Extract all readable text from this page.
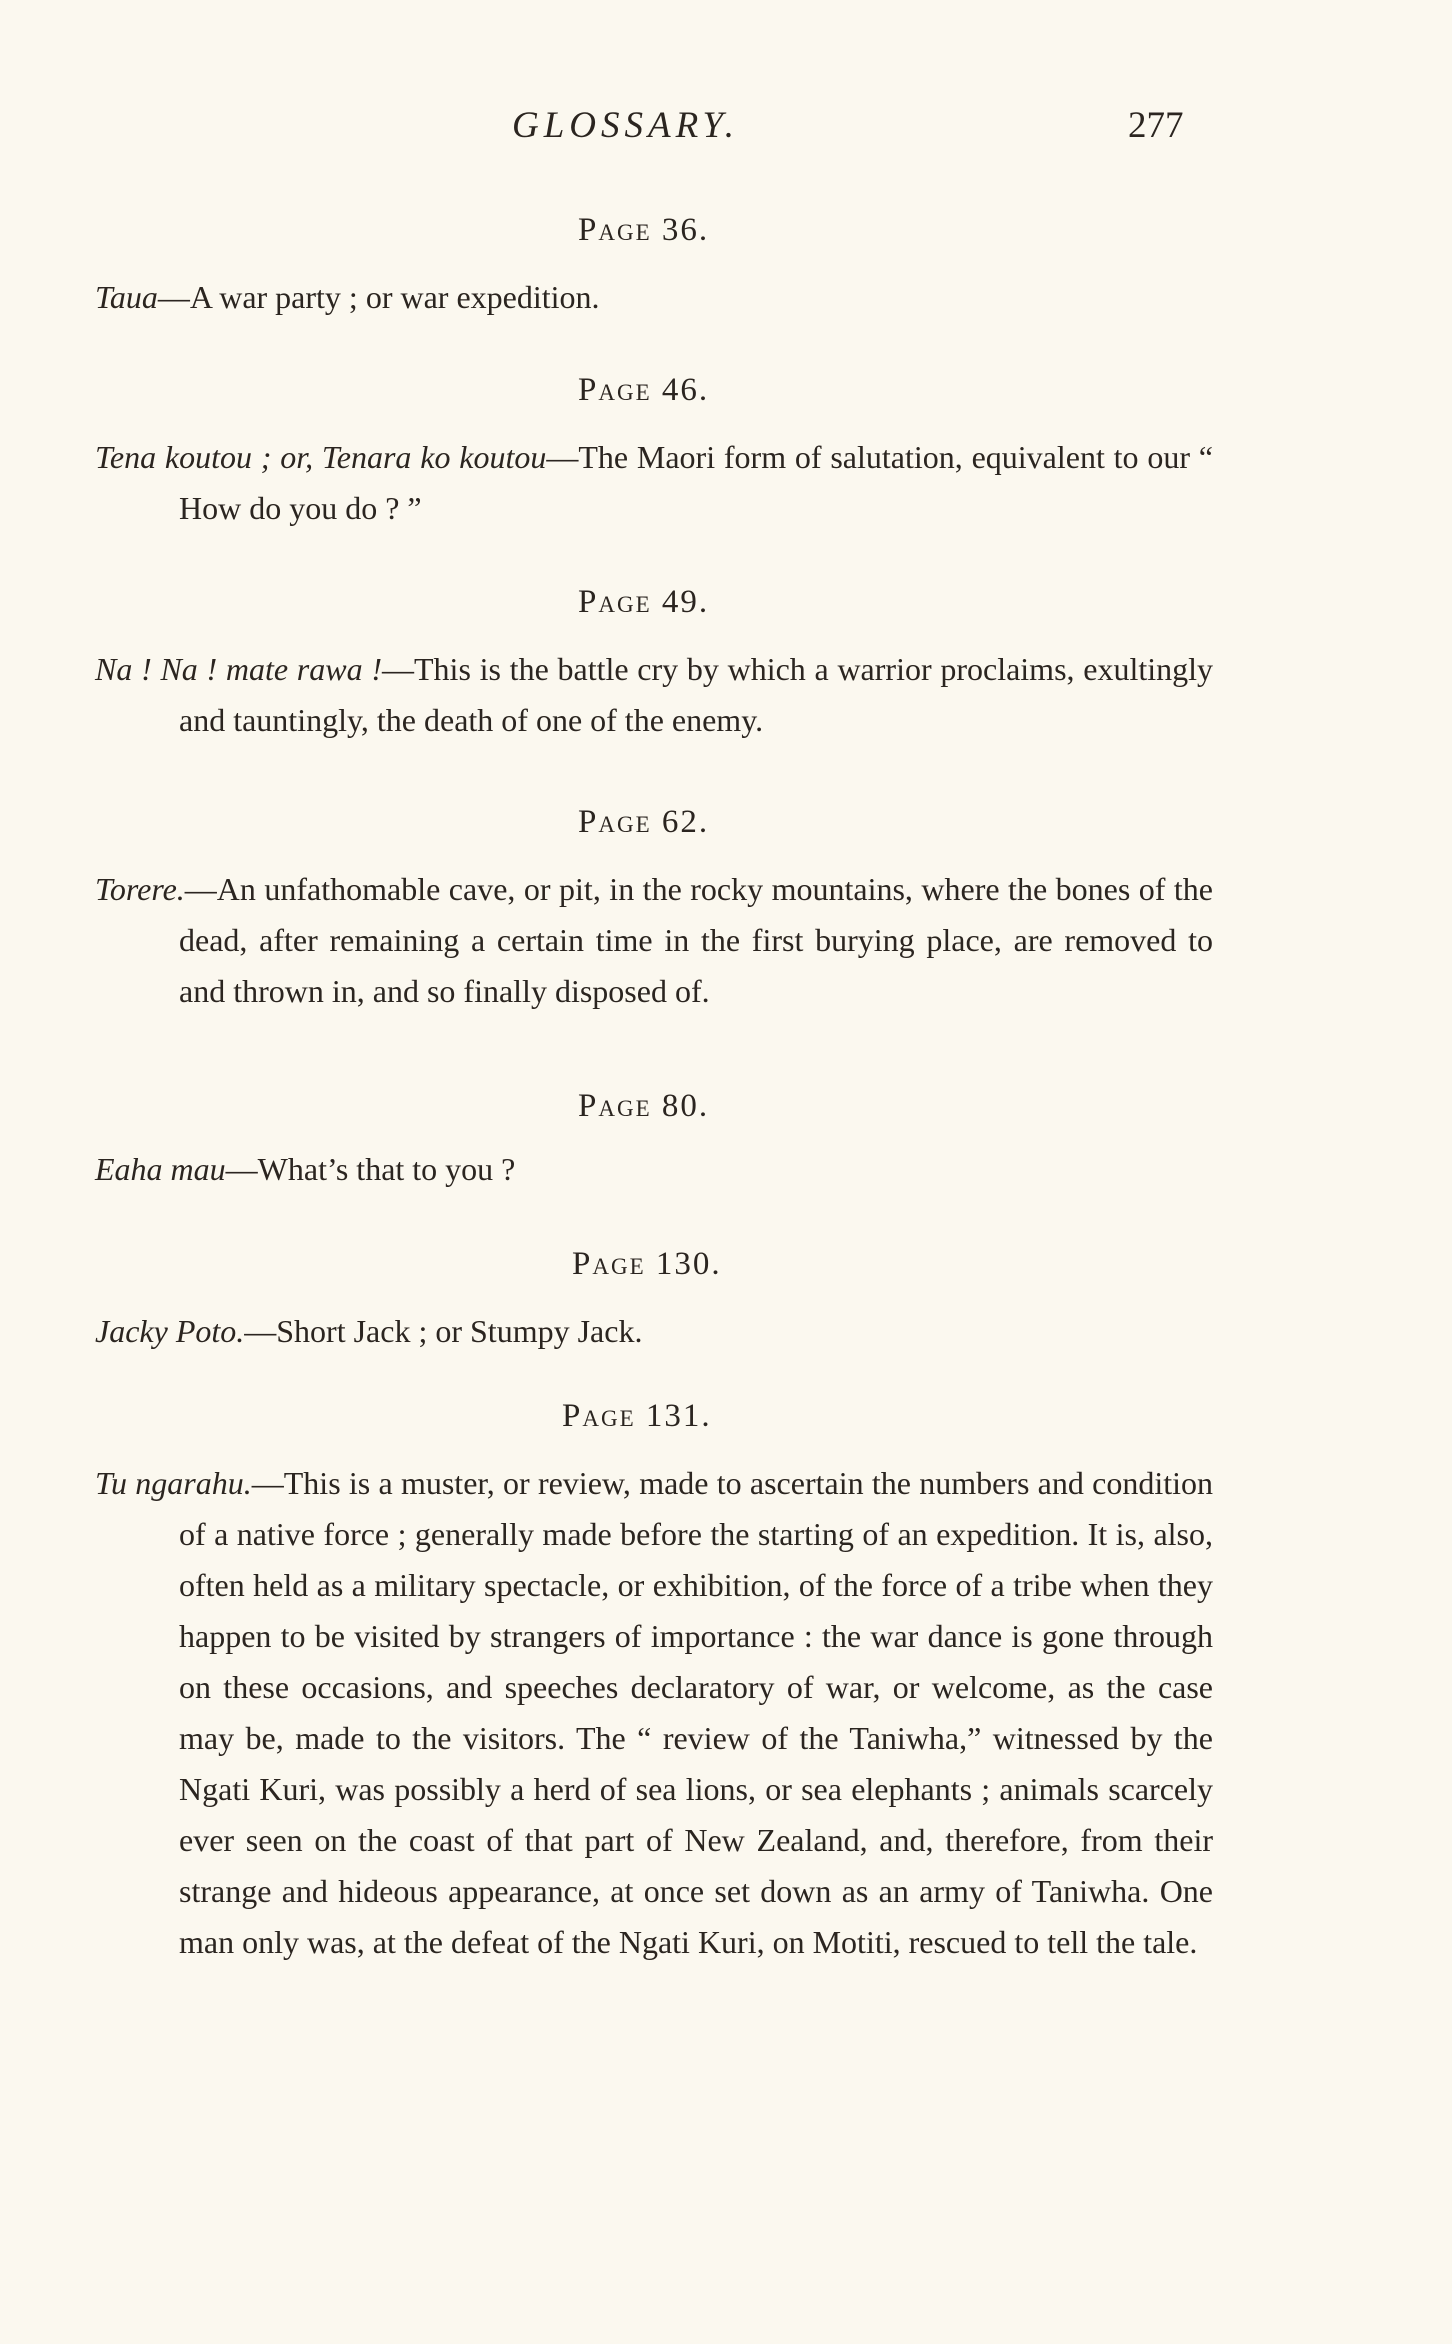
GLOSSARY.	277
Page 36.
Taua—A war party ; or war expedition.
Page 46.
Tena koutou ; or, Tenara ko koutou—The Maori form of salutation, equivalent to our “ How do you do ? ”
Page 49.
Na ! Na ! mate rawa !—This is the battle cry by which a warrior proclaims, exultingly and tauntingly, the death of one of the enemy.
Page 62.
Torere.—An unfathomable cave, or pit, in the rocky mountains, where the bones of the dead, after remaining a certain time in the first burying place, are removed to and thrown in, and so finally disposed of.
Page 80.
Eaha mau—What’s that to you ?
Page 130.
Jacky Poto.—Short Jack ; or Stumpy Jack.
Page 131.
Tu ngarahu.—This is a muster, or review, made to ascertain the numbers and condition of a native force ; generally made before the starting of an expedition. It is, also, often held as a military spectacle, or exhibition, of the force of a tribe when they happen to be visited by strangers of importance : the war dance is gone through on these occasions, and speeches declaratory of war, or welcome, as the case may be, made to the visitors. The “ review of the Taniwha,” witnessed by the Ngati Kuri, was possibly a herd of sea lions, or sea elephants ; animals scarcely ever seen on the coast of that part of New Zealand, and, therefore, from their strange and hideous appearance, at once set down as an army of Taniwha. One man only was, at the defeat of the Ngati Kuri, on Motiti, rescued to tell the tale.
